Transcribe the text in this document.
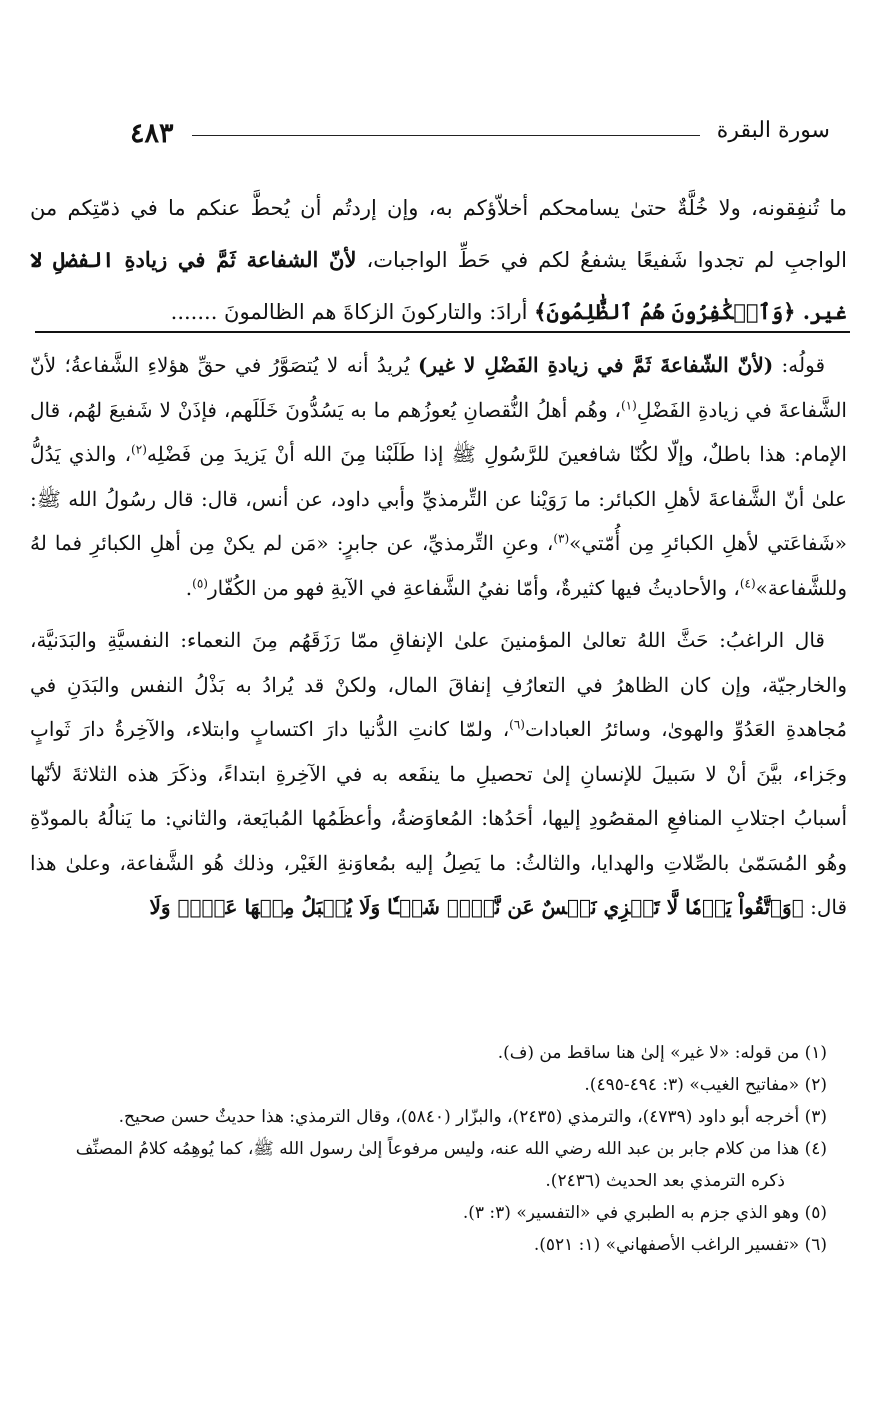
٤٨٣	سورة البقرة
ما تُنفِقونه، ولا خُلَّةٌ حتىٰ يسامحكم أخلاّؤكم به، وإن إردتُم أن يُحطَّ عنكم ما في ذمّتِكم من الواجبِ لم تجدوا شَفيعًا يشفعُ لكم في حَطِّ الواجبات، لأنّ الشفاعة ثَمَّ في زيادةِ الفضلِ لا غير. ﴿وَٱلۡكَٰفِرُونَ هُمُ ٱلظَّٰلِمُونَ﴾ أرادَ: والتاركونَ الزكاةَ هم الظالمونَ .......

قولُه: (لأنّ الشّفاعةَ ثَمَّ في زيادةِ الفَضْلِ لا غير) يُريدُ أنه لا يُتصَوَّرُ في حقِّ هؤلاءِ الشَّفاعةُ؛ لأنّ الشَّفاعةَ في زيادةِ الفَضْلِ$^{(١)}$، وهُم أهلُ النُّقصانِ يُعوزُهم ما به يَسُدُّونَ خَلَلَهم، فإذَنْ لا شَفيعَ لهُم، قال الإمام: هذا باطلٌ، وإلّا لكُنّا شافعينَ للرَّسُولِ ﷺ إذا طَلَبْنا مِنَ الله أنْ يَزيدَ مِن فَضْلِه$^{(٢)}$، والذي يَدُلُّ علىٰ أنّ الشَّفاعةَ لأهلِ الكبائر: ما رَوَيْنا عن التِّرمذيِّ وأبي داود، عن أنس، قال: قال رسُولُ الله ﷺ: «شَفاعَتي لأهلِ الكبائرِ مِن أُمّتي»$^{(٣)}$، وعنِ التِّرمذيِّ، عن جابرٍ: «مَن لم يكنْ مِن أهلِ الكبائرِ فما لهُ وللشَّفاعة»$^{(٤)}$، والأحاديثُ فيها كثيرةٌ، وأمّا نفيُ الشَّفاعةِ في الآيةِ فهو من الكُفّار$^{(٥)}$.

قال الراغبُ: حَثَّ اللهُ تعالىٰ المؤمنينَ علىٰ الإنفاقِ ممّا رَزَقَهُم مِنَ النعماء: النفسيَّةِ والبَدَنيَّة، والخارجيّة، وإن كان الظاهرُ في التعارُفِ إنفاقَ المال، ولكنْ قد يُرادُ به بَذْلُ النفس والبَدَنِ في مُجاهدةِ العَدُوِّ والهوىٰ، وسائرُ العبادات$^{(٦)}$، ولمّا كانتِ الدُّنيا دارَ اكتسابٍ وابتلاء، والآخِرةُ دارَ ثَوابٍ وجَزاء، بيَّنَ أنْ لا سَبيلَ للإنسانِ إلىٰ تحصيلِ ما ينفَعه به في الآخِرةِ ابتداءً، وذكَرَ هذه الثلاثةَ لأنّها أسبابُ اجتلابِ المنافعِ المقصُودِ إليها، أحَدُها: المُعاوَضةُ، وأعظَمُها المُبايَعة، والثاني: ما يَنالُهُ بالمودّةِ وهُو المُسَمّىٰ بالصِّلاتِ والهدايا، والثالثُ: ما يَصِلُ إليه بمُعاوَنةِ الغَيْر، وذلك هُو الشَّفاعة، وعلىٰ هذا قال: ﴿وَٱتَّقُواْ يَوۡمٗا لَّا تَجۡزِي نَفۡسٌ عَن نَّفۡسٖ شَيۡـٔٗا وَلَا يُقۡبَلُ مِنۡهَا عَدۡلٞ وَلَا

(١) من قوله: «لا غير» إلىٰ هنا ساقط من (ف).
(٢) «مفاتيح الغيب» (٣: ٤٩٤-٤٩٥).
(٣) أخرجه أبو داود (٤٧٣٩)، والترمذي (٢٤٣٥)، والبزّار (٥٨٤٠)، وقال الترمذي: هذا حديثٌ حسن صحيح.
(٤) هذا من كلام جابر بن عبد الله رضي الله عنه، وليس مرفوعاً إلىٰ رسول الله ﷺ، كما يُوهِمُه كلامُ المصنِّف
ذكره الترمذي بعد الحديث (٢٤٣٦).
(٥) وهو الذي جزم به الطبري في «التفسير» (٣: ٣).
(٦) «تفسير الراغب الأصفهاني» (١: ٥٢١).
